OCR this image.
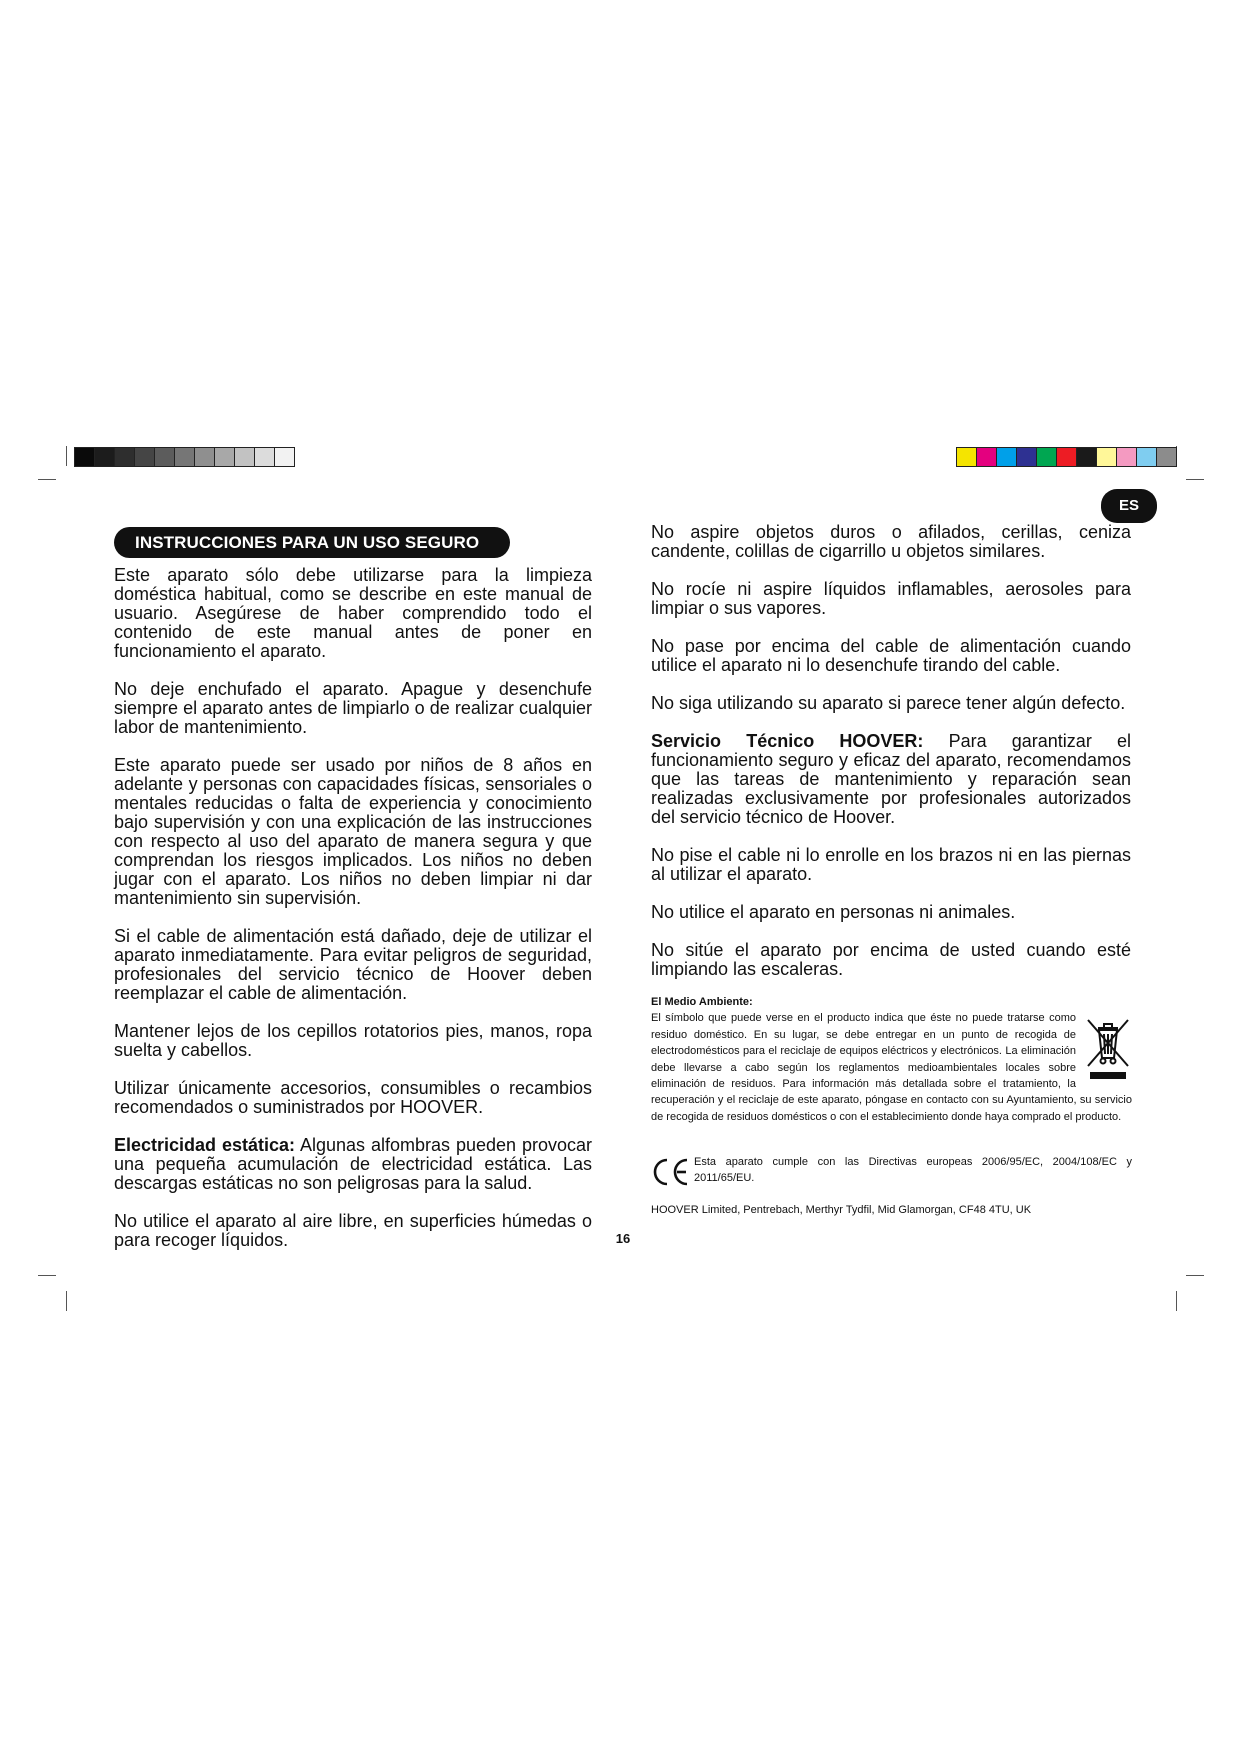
ES
INSTRUCCIONES PARA UN USO SEGURO

Este aparato sólo debe utilizarse para la limpieza doméstica habitual, como se describe en este manual de usuario. Asegúrese de haber comprendido todo el contenido de este manual antes de poner en funcionamiento el aparato.

No deje enchufado el aparato. Apague y desenchufe siempre el aparato antes de limpiarlo o de realizar cualquier labor de mantenimiento.

Este aparato puede ser usado por niños de 8 años en adelante y personas con capacidades físicas, sensoriales o mentales reducidas o falta de experiencia y conocimiento bajo supervisión y con una explicación de las instrucciones con respecto al uso del aparato de manera segura y que comprendan los riesgos implicados. Los niños no deben jugar con el aparato. Los niños no deben limpiar ni dar mantenimiento sin supervisión.

Si el cable de alimentación está dañado, deje de utilizar el aparato inmediatamente. Para evitar peligros de seguridad, profesionales del servicio técnico de Hoover deben reemplazar el cable de alimentación.

Mantener lejos de los cepillos rotatorios pies, manos, ropa suelta y cabellos.

Utilizar únicamente accesorios, consumibles o recambios recomendados o suministrados por HOOVER.

Electricidad estática: Algunas alfombras pueden provocar una pequeña acumulación de electricidad estática. Las descargas estáticas no son peligrosas para la salud.

No utilice el aparato al aire libre, en superficies húmedas o para recoger líquidos.

No aspire objetos duros o afilados, cerillas, ceniza candente, colillas de cigarrillo u objetos similares.

No rocíe ni aspire líquidos inflamables, aerosoles para limpiar o sus vapores.

No pase por encima del cable de alimentación cuando utilice el aparato ni lo desenchufe tirando del cable.

No siga utilizando su aparato si parece tener algún defecto.

Servicio Técnico HOOVER: Para garantizar el funcionamiento seguro y eficaz del aparato, recomendamos que las tareas de mantenimiento y reparación sean realizadas exclusivamente por profesionales autorizados del servicio técnico de Hoover.

No pise el cable ni lo enrolle en los brazos ni en las piernas al utilizar el aparato.

No utilice el aparato en personas ni animales.

No sitúe el aparato por encima de usted cuando esté limpiando las escaleras.

El Medio Ambiente:
El símbolo que puede verse en el producto indica que éste no puede tratarse como residuo doméstico. En su lugar, se debe entregar en un punto de recogida de electrodomésticos para el reciclaje de equipos eléctricos y electrónicos. La eliminación debe llevarse a cabo según los reglamentos medioambientales locales sobre eliminación de residuos. Para información más detallada sobre el tratamiento, la recuperación y el reciclaje de este aparato, póngase en contacto con su Ayuntamiento, su servicio de recogida de residuos domésticos o con el establecimiento donde haya comprado el producto.
Esta aparato cumple con las Directivas europeas 2006/95/EC, 2004/108/EC y 2011/65/EU.
HOOVER Limited, Pentrebach, Merthyr Tydfil, Mid Glamorgan, CF48 4TU, UK
16
